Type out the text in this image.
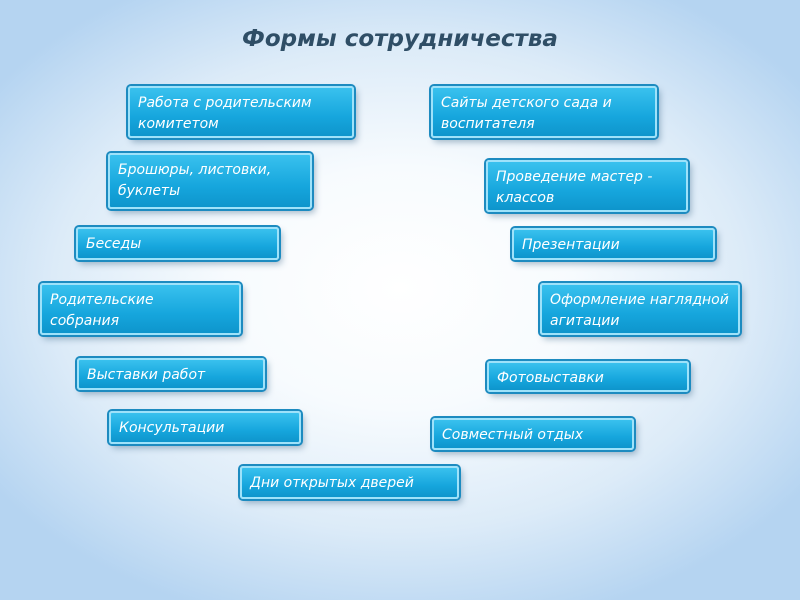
Формы сотрудничества
Работа с родительским комитетом
Брошюры, листовки, буклеты
Беседы
Родительские собрания
Выставки работ
Консультации
Сайты детского сада и воспитателя
Проведение мастер - классов
Презентации
Оформление наглядной агитации
Фотовыставки
Совместный отдых
Дни открытых дверей
